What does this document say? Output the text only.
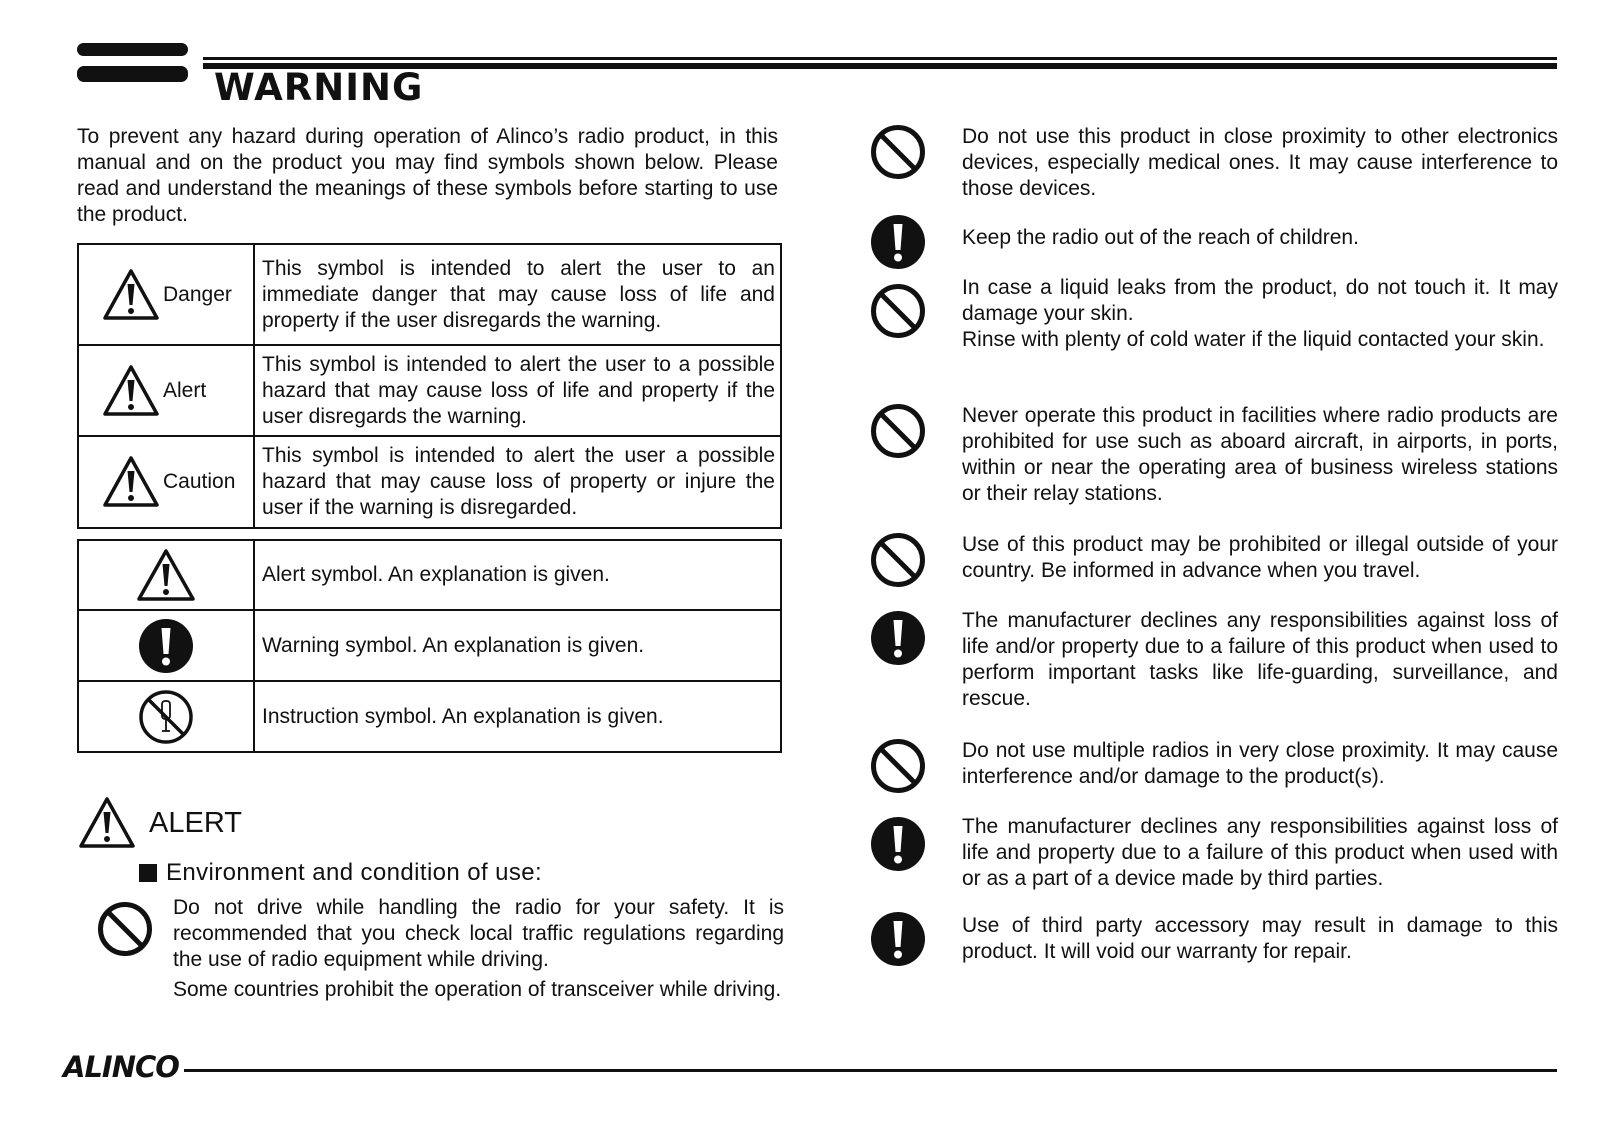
WARNING

To prevent any hazard during operation of Alinco’s radio product, in this manual and on the product you may find symbols shown below. Please read and understand the meanings of these symbols before starting to use the product.

Danger	This symbol is intended to alert the user to an immediate danger that may cause loss of life and property if the user disregards the warning.

Alert	This symbol is intended to alert the user to a possible hazard that may cause loss of life and property if the user disregards the warning.

Caution	This symbol is intended to alert the user a possible hazard that may cause loss of property or injure the user if the warning is disregarded.
	Alert symbol. An explanation is given.

	Warning symbol. An explanation is given.

	Instruction symbol. An explanation is given.
ALERT
Environment and condition of use:

Do not drive while handling the radio for your safety. It is recommended that you check local traffic regulations regarding the use of radio equipment while driving.

Some countries prohibit the operation of transceiver while driving.

Do not use this product in close proximity to other electronics devices, especially medical ones. It may cause interference to those devices.

Keep the radio out of the reach of children.

In case a liquid leaks from the product, do not touch it. It may damage your skin.

Rinse with plenty of cold water if the liquid contacted your skin.

Never operate this product in facilities where radio products are prohibited for use such as aboard aircraft, in airports, in ports, within or near the operating area of business wireless stations or their relay stations.

Use of this product may be prohibited or illegal outside of your country. Be informed in advance when you travel.

The manufacturer declines any responsibilities against loss of life and/or property due to a failure of this product when used to perform important tasks like life-guarding, surveillance, and rescue.

Do not use multiple radios in very close proximity. It may cause interference and/or damage to the product(s).

The manufacturer declines any responsibilities against loss of life and property due to a failure of this product when used with or as a part of a device made by third parties.

Use of third party accessory may result in damage to this product. It will void our warranty for repair.

ALINCO
